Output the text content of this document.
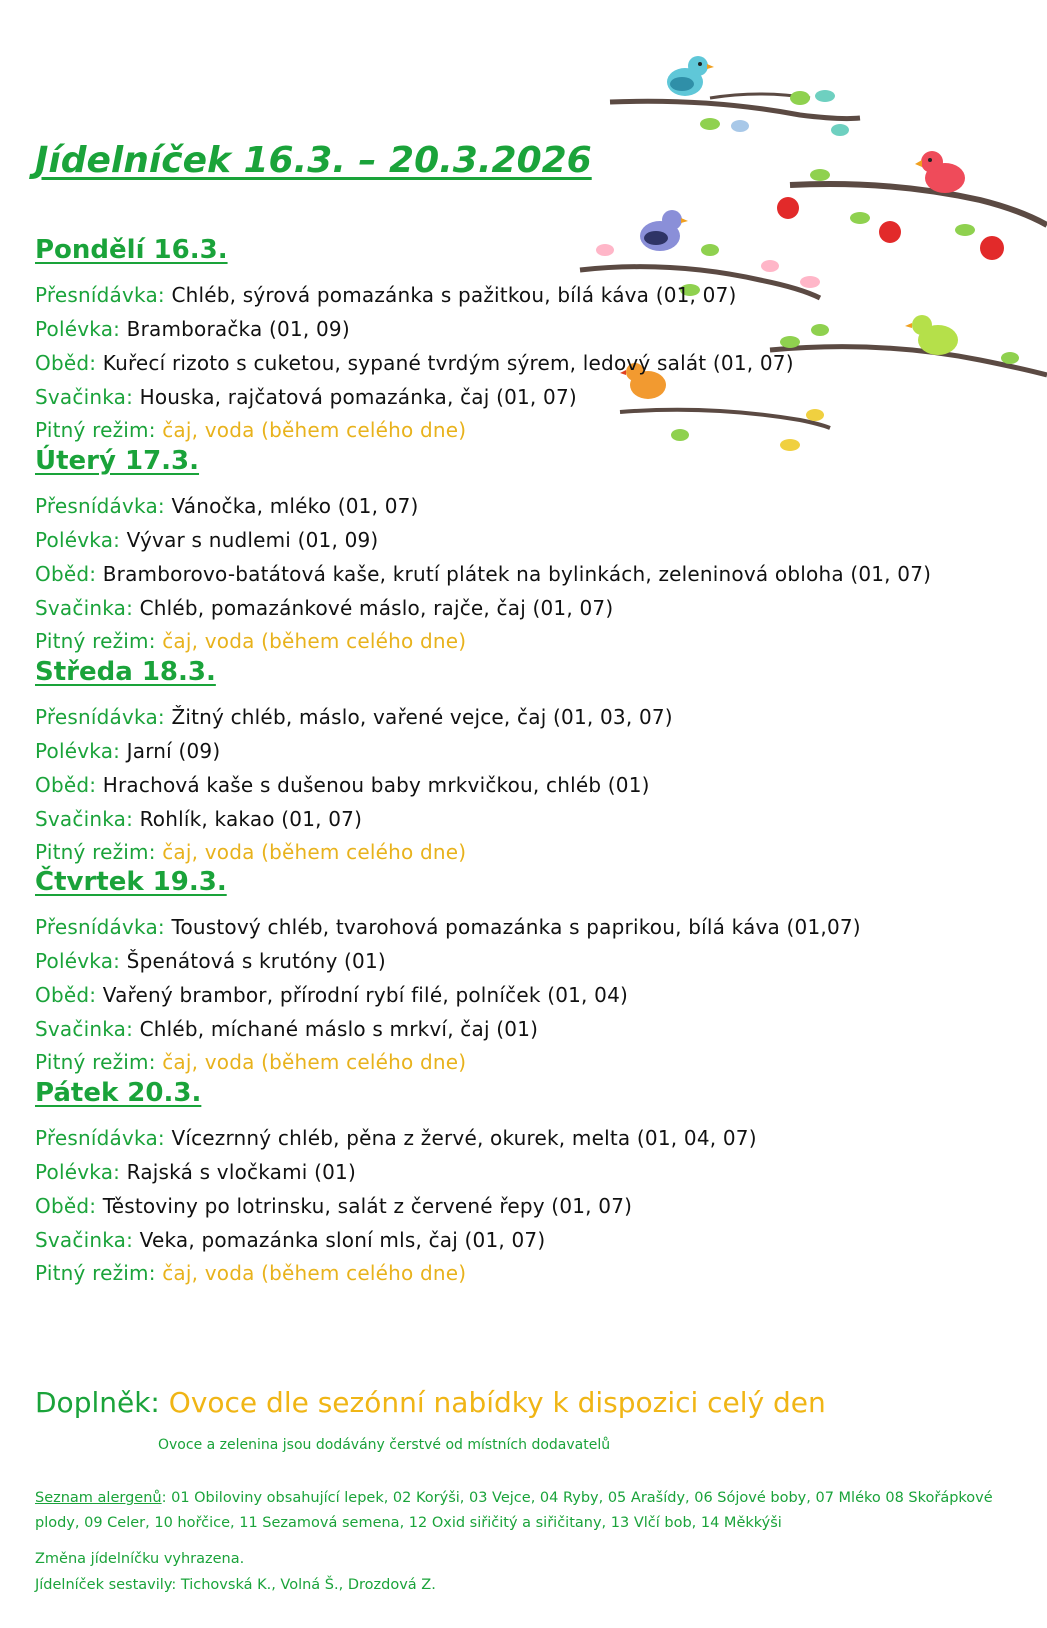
Jídelníček 16.3. – 20.3.2026
Pondělí 16.3.
Přesnídávka: Chléb, sýrová pomazánka s pažitkou, bílá káva (01, 07)
Polévka: Bramboračka (01, 09)
Oběd: Kuřecí rizoto s cuketou, sypané tvrdým sýrem, ledový salát (01, 07)
Svačinka: Houska, rajčatová pomazánka, čaj (01, 07)
Pitný režim: čaj, voda (během celého dne)
Úterý 17.3.
Přesnídávka: Vánočka, mléko (01, 07)
Polévka: Vývar s nudlemi (01, 09)
Oběd: Bramborovo-batátová kaše, krutí plátek na bylinkách, zeleninová obloha (01, 07)
Svačinka: Chléb, pomazánkové máslo, rajče, čaj (01, 07)
Pitný režim: čaj, voda (během celého dne)
Středa 18.3.
Přesnídávka: Žitný chléb, máslo, vařené vejce, čaj (01, 03, 07)
Polévka: Jarní (09)
Oběd: Hrachová kaše s dušenou baby mrkvičkou, chléb (01)
Svačinka: Rohlík, kakao (01, 07)
Pitný režim: čaj, voda (během celého dne)
Čtvrtek 19.3.
Přesnídávka: Toustový chléb, tvarohová pomazánka s paprikou, bílá káva (01,07)
Polévka: Špenátová s krutóny (01)
Oběd: Vařený brambor, přírodní rybí filé, polníček (01, 04)
Svačinka: Chléb, míchané máslo s mrkví, čaj (01)
Pitný režim: čaj, voda (během celého dne)
Pátek 20.3.
Přesnídávka: Vícezrnný chléb, pěna z žervé, okurek, melta (01, 04, 07)
Polévka: Rajská s vločkami (01)
Oběd: Těstoviny po lotrinsku, salát z červené řepy (01, 07)
Svačinka: Veka, pomazánka sloní mls, čaj (01, 07)
Pitný režim: čaj, voda (během celého dne)
Doplněk: Ovoce dle sezónní nabídky k dispozici celý den
Ovoce a zelenina jsou dodávány čerstvé od místních dodavatelů
Seznam alergenů: 01 Obiloviny obsahující lepek, 02 Korýši, 03 Vejce, 04 Ryby, 05 Arašídy, 06 Sójové boby, 07 Mléko 08 Skořápkové plody, 09 Celer, 10 hořčice, 11 Sezamová semena, 12 Oxid siřičitý a siřičitany, 13 Vlčí bob, 14 Měkkýši
Změna jídelníčku vyhrazena.
Jídelníček sestavily: Tichovská K., Volná Š., Drozdová Z.
